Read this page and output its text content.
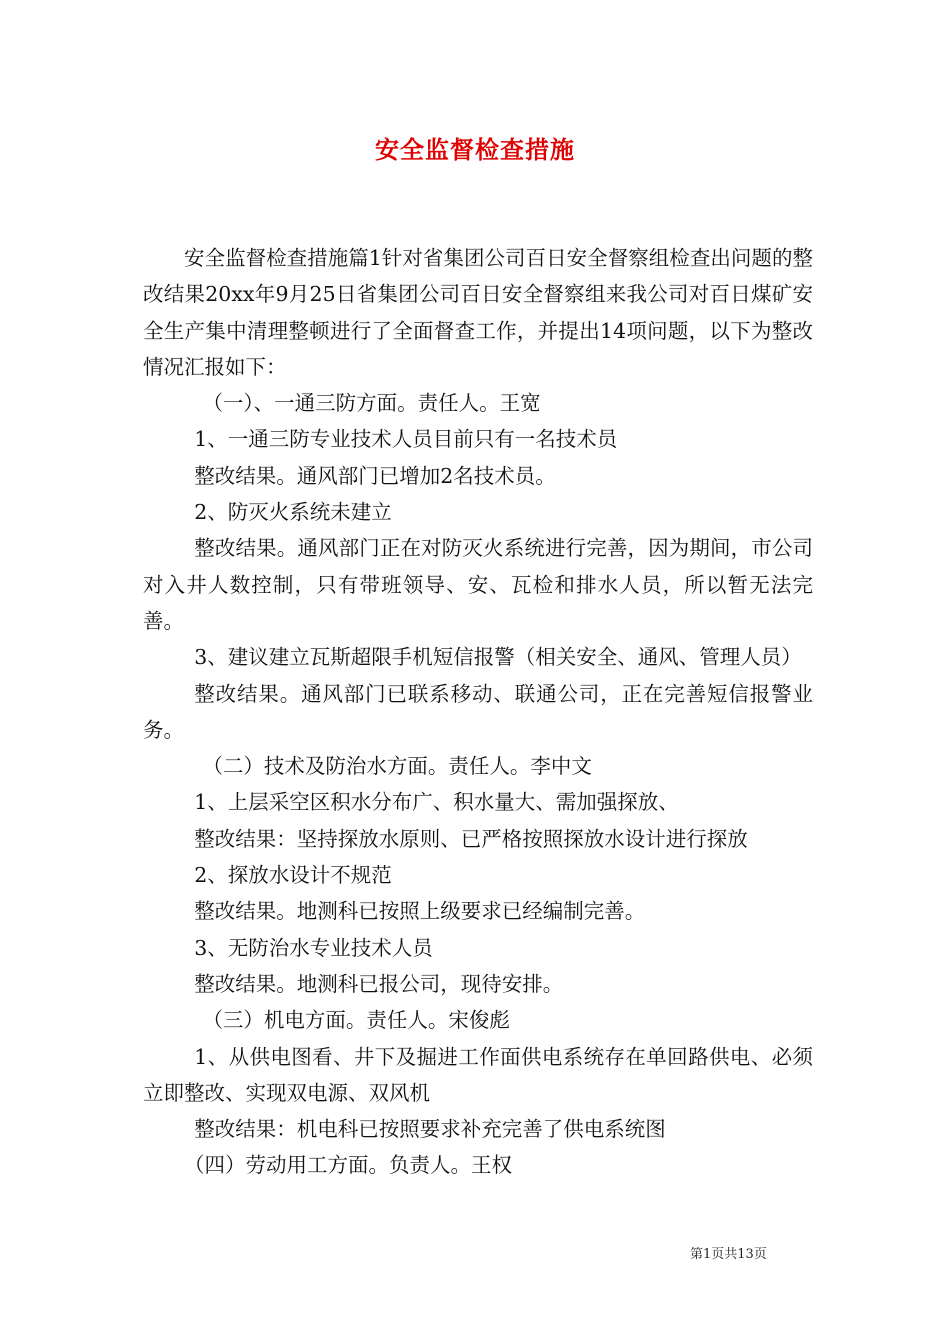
安全监督检查措施

安全监督检查措施篇1针对省集团公司百日安全督察组检查出问题的整改结果20xx年9月25日省集团公司百日安全督察组来我公司对百日煤矿安全生产集中清理整顿进行了全面督查工作，并提出14项问题，以下为整改情况汇报如下：

（一）、一通三防方面。责任人。王宽

1、一通三防专业技术人员目前只有一名技术员

整改结果。通风部门已增加2名技术员。

2、防灭火系统未建立

整改结果。通风部门正在对防灭火系统进行完善，因为期间，市公司对入井人数控制，只有带班领导、安、瓦检和排水人员，所以暂无法完善。

3、建议建立瓦斯超限手机短信报警（相关安全、通风、管理人员）

整改结果。通风部门已联系移动、联通公司，正在完善短信报警业务。

（二）技术及防治水方面。责任人。李中文

1、上层采空区积水分布广、积水量大、需加强探放、

整改结果：坚持探放水原则、已严格按照探放水设计进行探放

2、探放水设计不规范

整改结果。地测科已按照上级要求已经编制完善。

3、无防治水专业技术人员

整改结果。地测科已报公司，现待安排。

（三）机电方面。责任人。宋俊彪

1、从供电图看、井下及掘进工作面供电系统存在单回路供电、必须立即整改、实现双电源、双风机

整改结果：机电科已按照要求补充完善了供电系统图

（四）劳动用工方面。负责人。王权

第1页共13页
